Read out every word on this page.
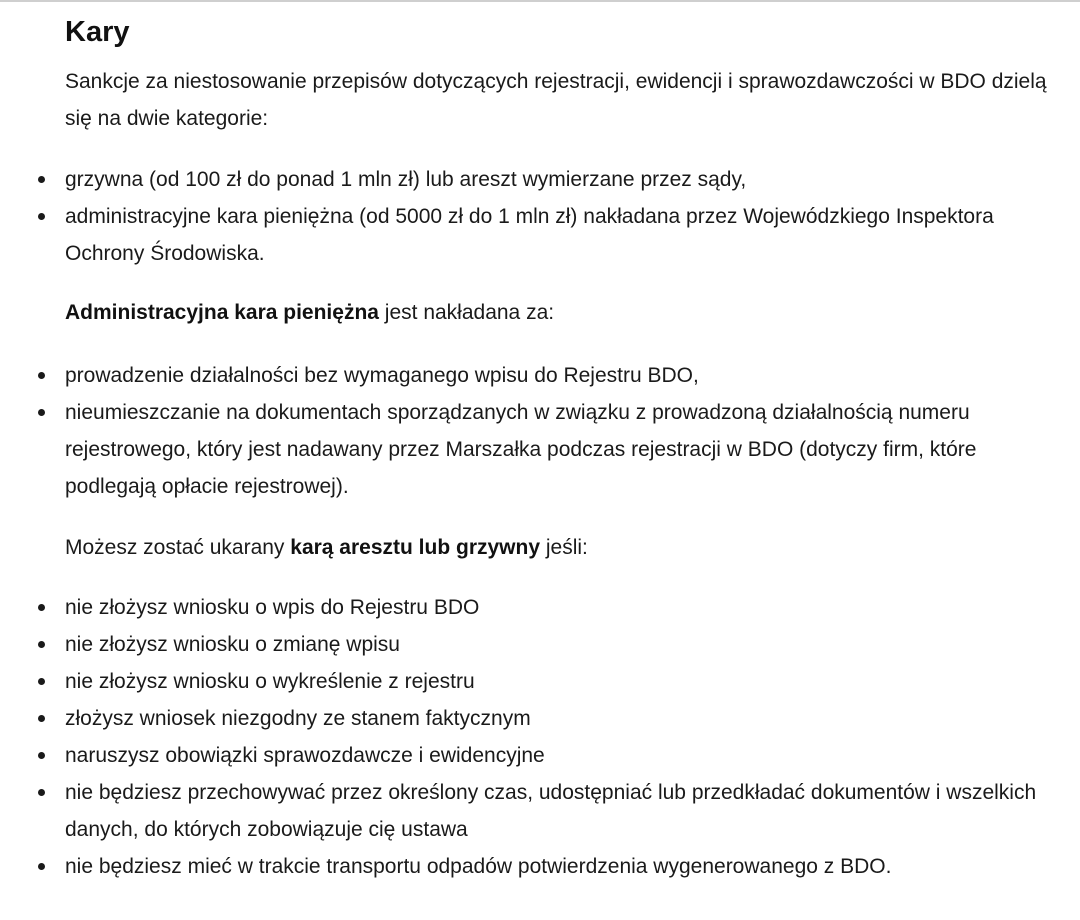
Kary

Sankcje za niestosowanie przepisów dotyczących rejestracji, ewidencji i sprawozdawczości w BDO dzielą się na dwie kategorie:

grzywna (od 100 zł do ponad 1 mln zł) lub areszt wymierzane przez sądy,
administracyjne kara pieniężna (od 5000 zł do 1 mln zł) nakładana przez Wojewódzkiego Inspektora Ochrony Środowiska.

Administracyjna kara pieniężna jest nakładana za:

prowadzenie działalności bez wymaganego wpisu do Rejestru BDO,
nieumieszczanie na dokumentach sporządzanych w związku z prowadzoną działalnością numeru rejestrowego, który jest nadawany przez Marszałka podczas rejestracji w BDO (dotyczy firm, które podlegają opłacie rejestrowej).

Możesz zostać ukarany karą aresztu lub grzywny jeśli:

nie złożysz wniosku o wpis do Rejestru BDO
nie złożysz wniosku o zmianę wpisu
nie złożysz wniosku o wykreślenie z rejestru
złożysz wniosek niezgodny ze stanem faktycznym
naruszysz obowiązki sprawozdawcze i ewidencyjne
nie będziesz przechowywać przez określony czas, udostępniać lub przedkładać dokumentów i wszelkich danych, do których zobowiązuje cię ustawa
nie będziesz mieć w trakcie transportu odpadów potwierdzenia wygenerowanego z BDO.
